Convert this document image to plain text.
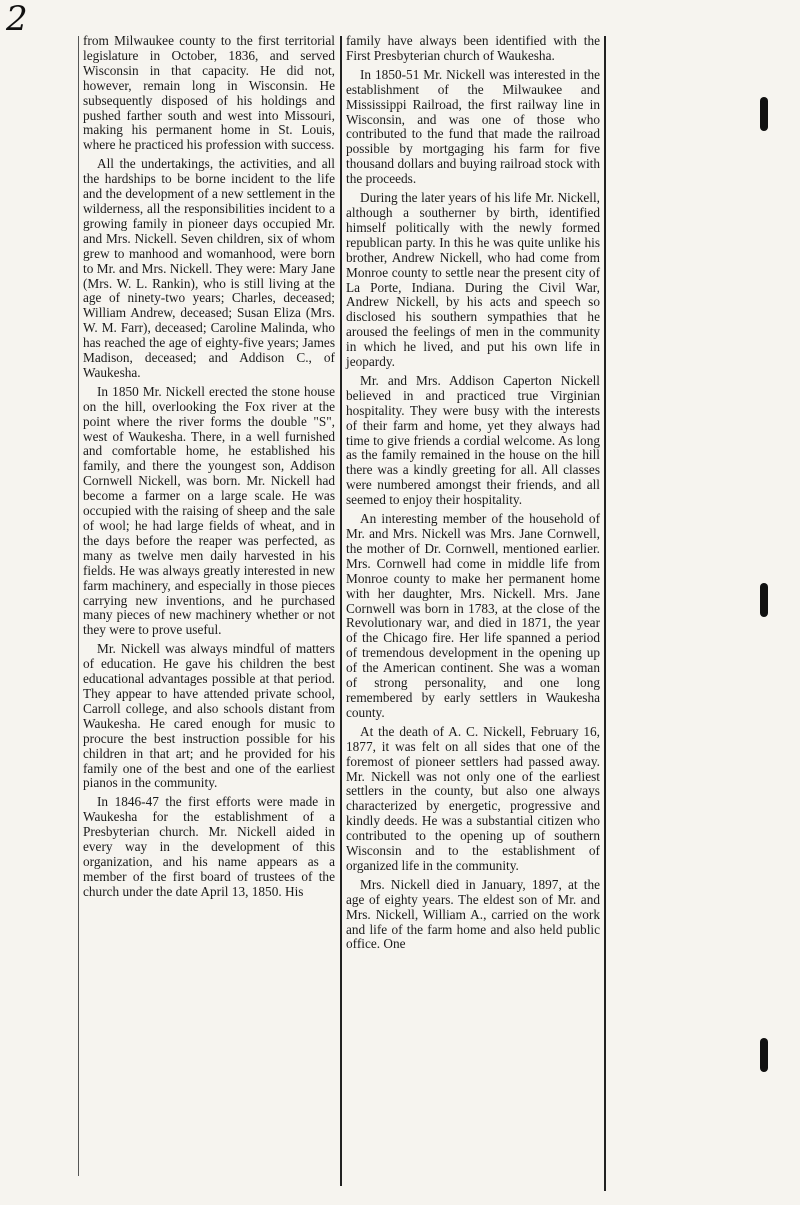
2

from Milwaukee county to the first territorial legislature in October, 1836, and served Wisconsin in that capacity. He did not, however, remain long in Wisconsin. He subsequently disposed of his holdings and pushed farther south and west into Missouri, making his permanent home in St. Louis, where he practiced his profession with success.

All the undertakings, the activities, and all the hardships to be borne incident to the life and the development of a new settlement in the wilderness, all the responsibilities incident to a growing family in pioneer days occupied Mr. and Mrs. Nickell. Seven children, six of whom grew to manhood and womanhood, were born to Mr. and Mrs. Nickell. They were: Mary Jane (Mrs. W. L. Rankin), who is still living at the age of ninety-two years; Charles, deceased; William Andrew, deceased; Susan Eliza (Mrs. W. M. Farr), deceased; Caroline Malinda, who has reached the age of eighty-five years; James Madison, deceased; and Addison C., of Waukesha.

In 1850 Mr. Nickell erected the stone house on the hill, overlooking the Fox river at the point where the river forms the double "S", west of Waukesha. There, in a well furnished and comfortable home, he established his family, and there the youngest son, Addison Cornwell Nickell, was born. Mr. Nickell had become a farmer on a large scale. He was occupied with the raising of sheep and the sale of wool; he had large fields of wheat, and in the days before the reaper was perfected, as many as twelve men daily harvested in his fields. He was always greatly interested in new farm machinery, and especially in those pieces carrying new inventions, and he purchased many pieces of new machinery whether or not they were to prove useful.

Mr. Nickell was always mindful of matters of education. He gave his children the best educational advantages possible at that period. They appear to have attended private school, Carroll college, and also schools distant from Waukesha. He cared enough for music to procure the best instruction possible for his children in that art; and he provided for his family one of the best and one of the earliest pianos in the community.

In 1846-47 the first efforts were made in Waukesha for the establishment of a Presbyterian church. Mr. Nickell aided in every way in the development of this organization, and his name appears as a member of the first board of trustees of the church under the date April 13, 1850. His

family have always been identified with the First Presbyterian church of Waukesha.

In 1850-51 Mr. Nickell was interested in the establishment of the Milwaukee and Mississippi Railroad, the first railway line in Wisconsin, and was one of those who contributed to the fund that made the railroad possible by mortgaging his farm for five thousand dollars and buying railroad stock with the proceeds.

During the later years of his life Mr. Nickell, although a southerner by birth, identified himself politically with the newly formed republican party. In this he was quite unlike his brother, Andrew Nickell, who had come from Monroe county to settle near the present city of La Porte, Indiana. During the Civil War, Andrew Nickell, by his acts and speech so disclosed his southern sympathies that he aroused the feelings of men in the community in which he lived, and put his own life in jeopardy.

Mr. and Mrs. Addison Caperton Nickell believed in and practiced true Virginian hospitality. They were busy with the interests of their farm and home, yet they always had time to give friends a cordial welcome. As long as the family remained in the house on the hill there was a kindly greeting for all. All classes were numbered amongst their friends, and all seemed to enjoy their hospitality.

An interesting member of the household of Mr. and Mrs. Nickell was Mrs. Jane Cornwell, the mother of Dr. Cornwell, mentioned earlier. Mrs. Cornwell had come in middle life from Monroe county to make her permanent home with her daughter, Mrs. Nickell. Mrs. Jane Cornwell was born in 1783, at the close of the Revolutionary war, and died in 1871, the year of the Chicago fire. Her life spanned a period of tremendous development in the opening up of the American continent. She was a woman of strong personality, and one long remembered by early settlers in Waukesha county.

At the death of A. C. Nickell, February 16, 1877, it was felt on all sides that one of the foremost of pioneer settlers had passed away. Mr. Nickell was not only one of the earliest settlers in the county, but also one always characterized by energetic, progressive and kindly deeds. He was a substantial citizen who contributed to the opening up of southern Wisconsin and to the establishment of organized life in the community.

Mrs. Nickell died in January, 1897, at the age of eighty years. The eldest son of Mr. and Mrs. Nickell, William A., carried on the work and life of the farm home and also held public office. One
